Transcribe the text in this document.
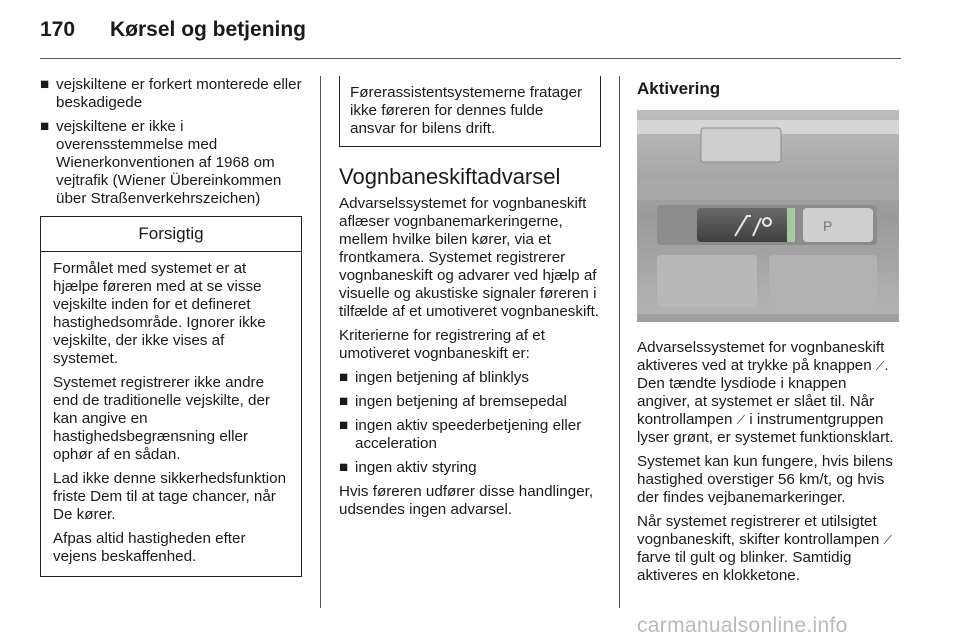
170	Kørsel og betjening
■ vejskiltene er forkert monterede eller beskadigede
■ vejskiltene er ikke i overensstemmelse med Wienerkonventionen af 1968 om vejtrafik (Wiener Übereinkommen über Straßenverkehrszeichen)
Forsigtig

Formålet med systemet er at hjælpe føreren med at se visse vejskilte inden for et defineret hastighedsområde. Ignorer ikke vejskilte, der ikke vises af systemet.

Systemet registrerer ikke andre end de traditionelle vejskilte, der kan angive en hastighedsbegrænsning eller ophør af en sådan.

Lad ikke denne sikkerhedsfunktion friste Dem til at tage chancer, når De kører.

Afpas altid hastigheden efter vejens beskaffenhed.

Førerassistentsystemerne fratager ikke føreren for dennes fulde ansvar for bilens drift.
Vognbaneskiftadvarsel

Advarselssystemet for vognbaneskift aflæser vognbanemarkeringerne, mellem hvilke bilen kører, via et frontkamera. Systemet registrerer vognbaneskift og advarer ved hjælp af visuelle og akustiske signaler føreren i tilfælde af et umotiveret vognbaneskift.

Kriterierne for registrering af et umotiveret vognbaneskift er:

■ ingen betjening af blinklys
■ ingen betjening af bremsepedal
■ ingen aktiv speederbetjening eller acceleration
■ ingen aktiv styring

Hvis føreren udfører disse handlinger, udsendes ingen advarsel.

Aktivering
P

Advarselssystemet for vognbaneskift aktiveres ved at trykke på knappen ⟋. Den tændte lysdiode i knappen angiver, at systemet er slået til. Når kontrollampen ⟋ i instrumentgruppen lyser grønt, er systemet funktionsklart.

Systemet kan kun fungere, hvis bilens hastighed overstiger 56 km/t, og hvis der findes vejbanemarkeringer.

Når systemet registrerer et utilsigtet vognbaneskift, skifter kontrollampen ⟋ farve til gult og blinker. Samtidig aktiveres en klokketone.

carmanualsonline.info
